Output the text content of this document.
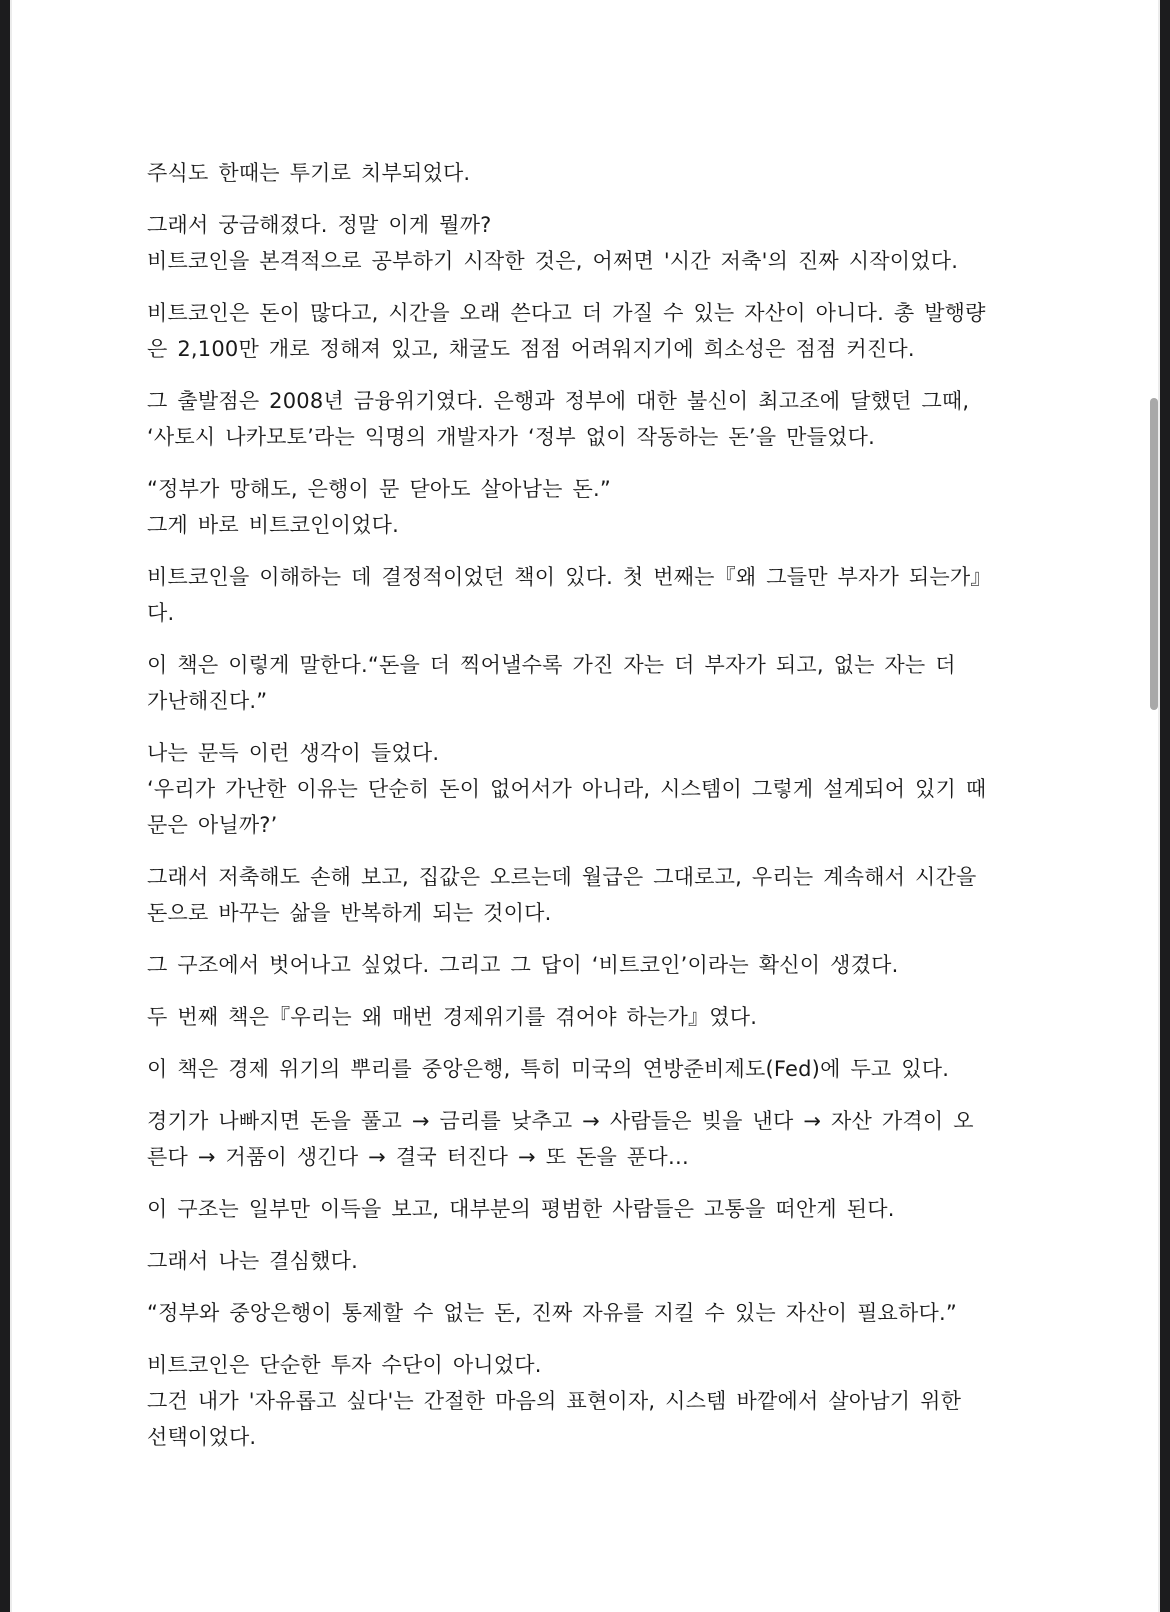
주식도 한때는 투기로 치부되었다.

그래서 궁금해졌다. 정말 이게 뭘까?
비트코인을 본격적으로 공부하기 시작한 것은, 어쩌면 '시간 저축'의 진짜 시작이었다.

비트코인은 돈이 많다고, 시간을 오래 쓴다고 더 가질 수 있는 자산이 아니다. 총 발행량
은 2,100만 개로 정해져 있고, 채굴도 점점 어려워지기에 희소성은 점점 커진다.

그 출발점은 2008년 금융위기였다. 은행과 정부에 대한 불신이 최고조에 달했던 그때,
‘사토시 나카모토’라는 익명의 개발자가 ‘정부 없이 작동하는 돈’을 만들었다.

“정부가 망해도, 은행이 문 닫아도 살아남는 돈.”
그게 바로 비트코인이었다.

비트코인을 이해하는 데 결정적이었던 책이 있다. 첫 번째는『왜 그들만 부자가 되는가』
다.

이 책은 이렇게 말한다.“돈을 더 찍어낼수록 가진 자는 더 부자가 되고, 없는 자는 더
가난해진다.”

나는 문득 이런 생각이 들었다.
‘우리가 가난한 이유는 단순히 돈이 없어서가 아니라, 시스템이 그렇게 설계되어 있기 때
문은 아닐까?’

그래서 저축해도 손해 보고, 집값은 오르는데 월급은 그대로고, 우리는 계속해서 시간을
돈으로 바꾸는 삶을 반복하게 되는 것이다.

그 구조에서 벗어나고 싶었다. 그리고 그 답이 ‘비트코인’이라는 확신이 생겼다.

두 번째 책은『우리는 왜 매번 경제위기를 겪어야 하는가』였다.

이 책은 경제 위기의 뿌리를 중앙은행, 특히 미국의 연방준비제도(Fed)에 두고 있다.

경기가 나빠지면 돈을 풀고 → 금리를 낮추고 → 사람들은 빚을 낸다 → 자산 가격이 오
른다 → 거품이 생긴다 → 결국 터진다 → 또 돈을 푼다…

이 구조는 일부만 이득을 보고, 대부분의 평범한 사람들은 고통을 떠안게 된다.

그래서 나는 결심했다.

“정부와 중앙은행이 통제할 수 없는 돈, 진짜 자유를 지킬 수 있는 자산이 필요하다.”

비트코인은 단순한 투자 수단이 아니었다.
그건 내가 '자유롭고 싶다'는 간절한 마음의 표현이자, 시스템 바깥에서 살아남기 위한
선택이었다.
